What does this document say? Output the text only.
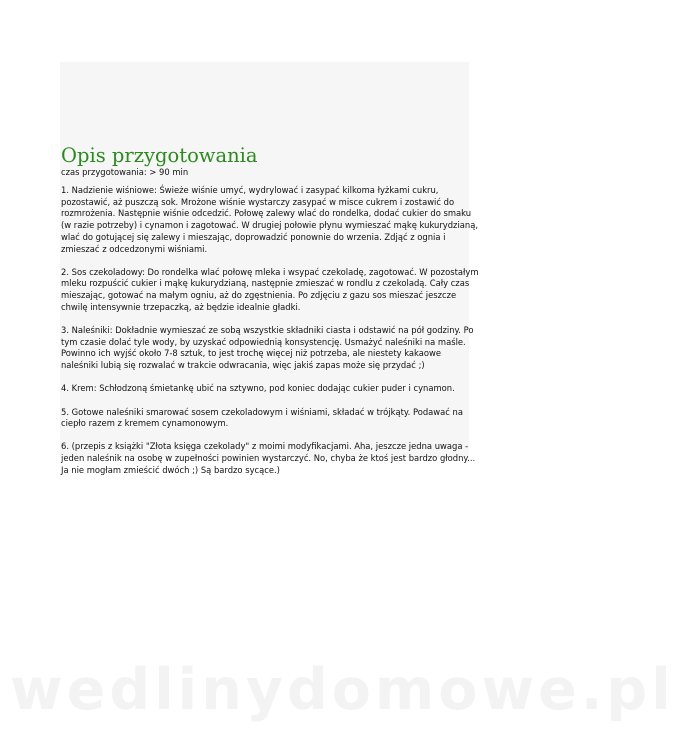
Opis przygotowania

czas przygotowania: > 90 min

1. Nadzienie wiśniowe: Świeże wiśnie umyć, wydrylować i zasypać kilkoma łyżkami cukru,
pozostawić, aż puszczą sok. Mrożone wiśnie wystarczy zasypać w misce cukrem i zostawić do
rozmrożenia. Następnie wiśnie odcedzić. Połowę zalewy wlać do rondelka, dodać cukier do smaku
(w razie potrzeby) i cynamon i zagotować. W drugiej połowie płynu wymieszać mąkę kukurydzianą,
wlać do gotującej się zalewy i mieszając, doprowadzić ponownie do wrzenia. Zdjąć z ognia i
zmieszać z odcedzonymi wiśniami.

2. Sos czekoladowy: Do rondelka wlać połowę mleka i wsypać czekoladę, zagotować. W pozostałym
mleku rozpuścić cukier i mąkę kukurydzianą, następnie zmieszać w rondlu z czekoladą. Cały czas
mieszając, gotować na małym ogniu, aż do zgęstnienia. Po zdjęciu z gazu sos mieszać jeszcze
chwilę intensywnie trzepaczką, aż będzie idealnie gładki.

3. Naleśniki: Dokładnie wymieszać ze sobą wszystkie składniki ciasta i odstawić na pół godziny. Po
tym czasie dolać tyle wody, by uzyskać odpowiednią konsystencję. Usmażyć naleśniki na maśle.
Powinno ich wyjść około 7-8 sztuk, to jest trochę więcej niż potrzeba, ale niestety kakaowe
naleśniki lubią się rozwalać w trakcie odwracania, więc jakiś zapas może się przydać ;)

4. Krem: Schłodzoną śmietankę ubić na sztywno, pod koniec dodając cukier puder i cynamon.

5. Gotowe naleśniki smarować sosem czekoladowym i wiśniami, składać w trójkąty. Podawać na
ciepło razem z kremem cynamonowym.

6. (przepis z książki "Złota księga czekolady" z moimi modyfikacjami. Aha, jeszcze jedna uwaga -
jeden naleśnik na osobę w zupełności powinien wystarczyć. No, chyba że ktoś jest bardzo głodny...
Ja nie mogłam zmieścić dwóch ;) Są bardzo sycące.)

wedlinydomowe.pl
